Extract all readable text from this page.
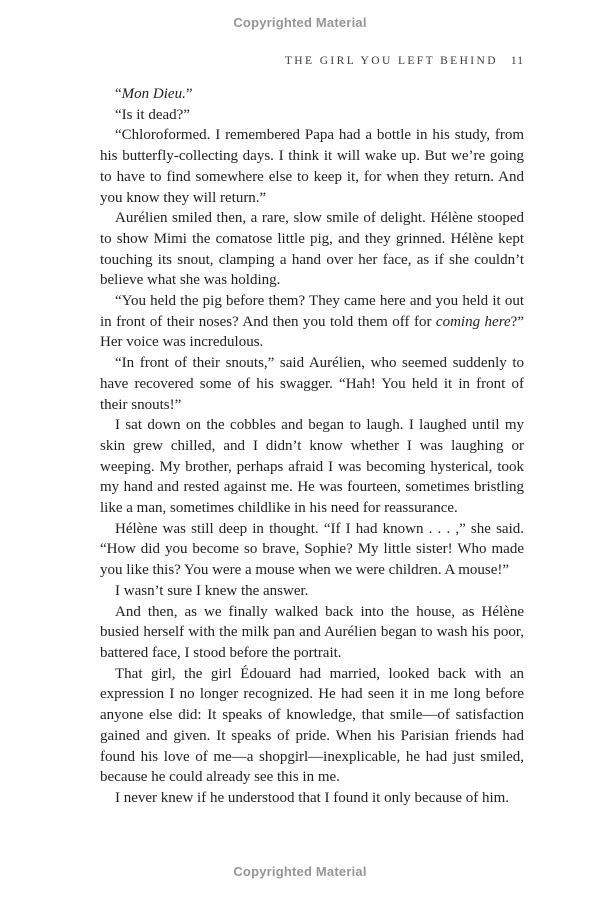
Copyrighted Material
THE GIRL YOU LEFT BEHIND 11

“Mon Dieu.”

“Is it dead?”

“Chloroformed. I remembered Papa had a bottle in his study, from his butterfly-collecting days. I think it will wake up. But we’re going to have to find somewhere else to keep it, for when they return. And you know they will return.”

Aurélien smiled then, a rare, slow smile of delight. Hélène stooped to show Mimi the comatose little pig, and they grinned. Hélène kept touching its snout, clamping a hand over her face, as if she couldn’t believe what she was holding.

“You held the pig before them? They came here and you held it out in front of their noses? And then you told them off for coming here?” Her voice was incredulous.

“In front of their snouts,” said Aurélien, who seemed suddenly to have recovered some of his swagger. “Hah! You held it in front of their snouts!”

I sat down on the cobbles and began to laugh. I laughed until my skin grew chilled, and I didn’t know whether I was laughing or weeping. My brother, perhaps afraid I was becoming hysterical, took my hand and rested against me. He was fourteen, sometimes bristling like a man, sometimes childlike in his need for reassurance.

Hélène was still deep in thought. “If I had known . . . ,” she said. “How did you become so brave, Sophie? My little sister! Who made you like this? You were a mouse when we were children. A mouse!”

I wasn’t sure I knew the answer.

And then, as we finally walked back into the house, as Hélène busied herself with the milk pan and Aurélien began to wash his poor, battered face, I stood before the portrait.

That girl, the girl Édouard had married, looked back with an expression I no longer recognized. He had seen it in me long before anyone else did: It speaks of knowledge, that smile—of satisfaction gained and given. It speaks of pride. When his Parisian friends had found his love of me—a shopgirl—inexplicable, he had just smiled, because he could already see this in me.

I never knew if he understood that I found it only because of him.

Copyrighted Material
